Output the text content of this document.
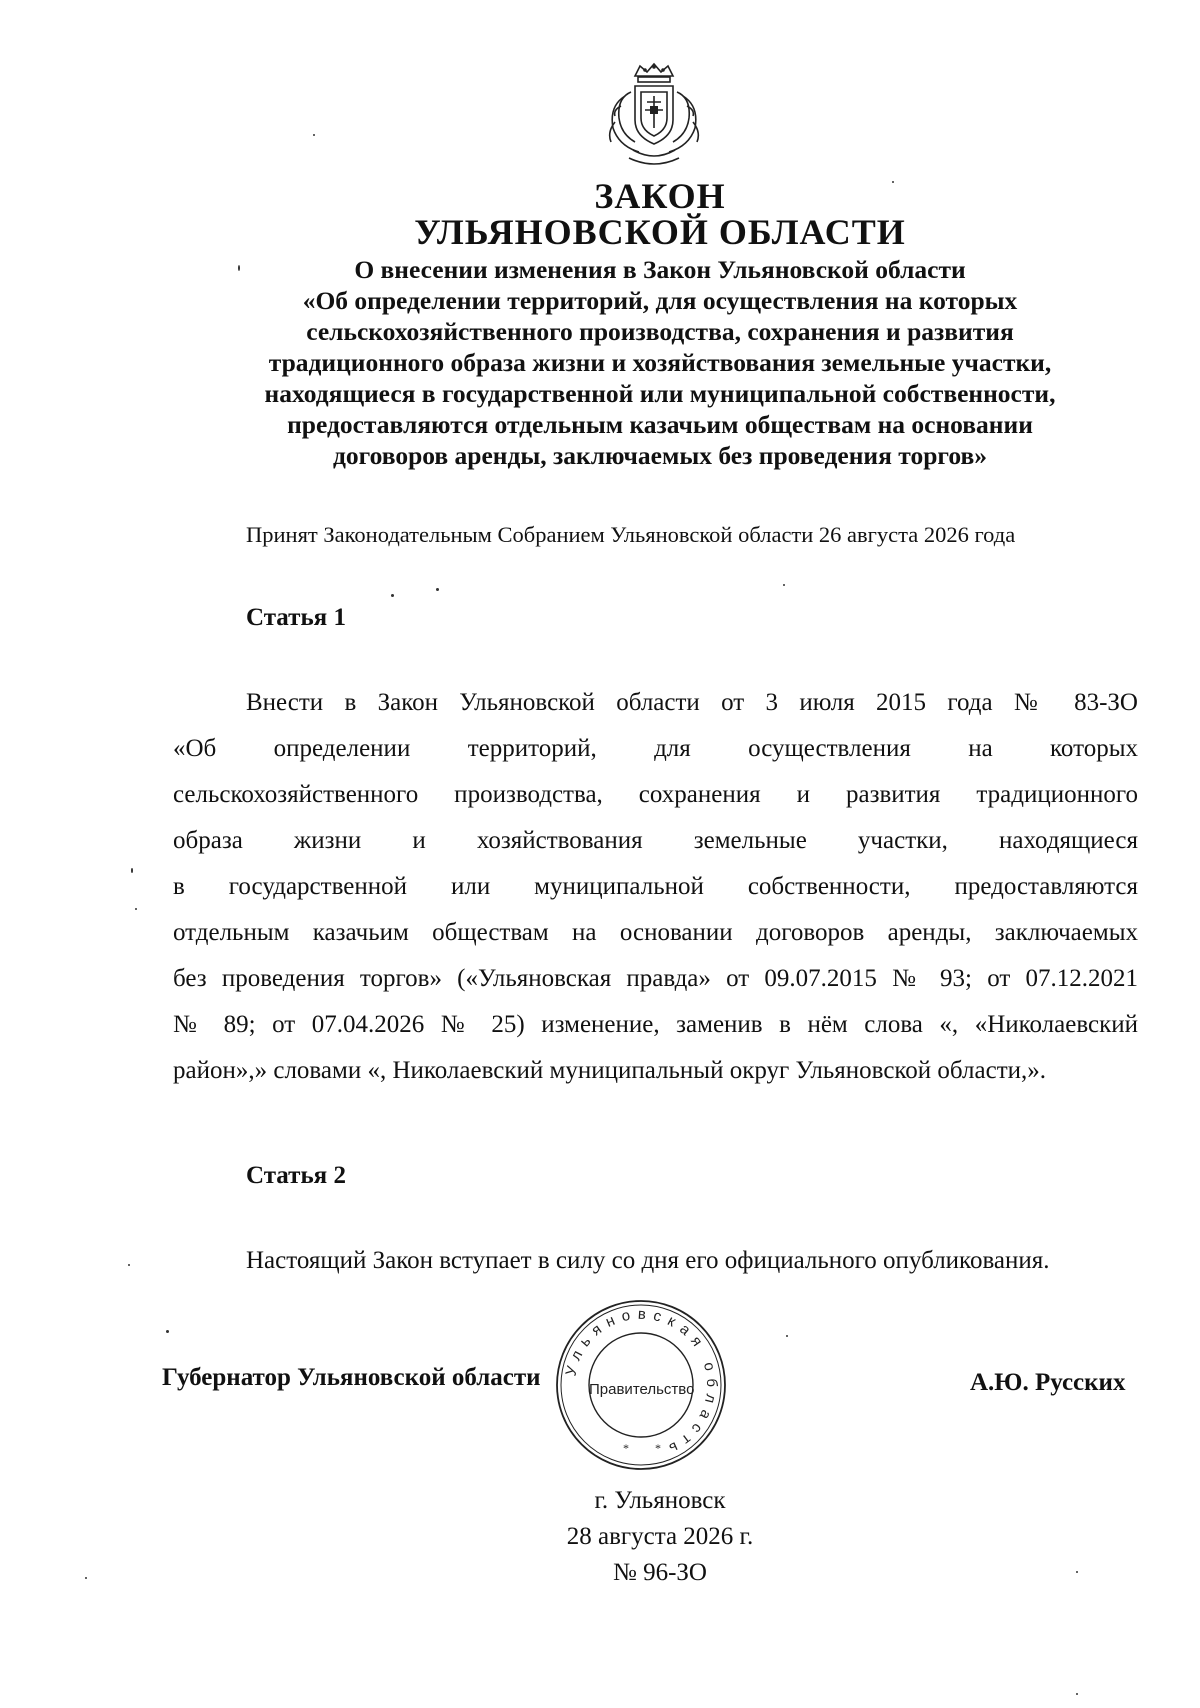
ЗАКОН
УЛЬЯНОВСКОЙ ОБЛАСТИ
О внесении изменения в Закон Ульяновской области
«Об определении территорий, для осуществления на которых
сельскохозяйственного производства, сохранения и развития
традиционного образа жизни и хозяйствования земельные участки,
находящиеся в государственной или муниципальной собственности,
предоставляются отдельным казачьим обществам на основании
договоров аренды, заключаемых без проведения торгов»
Принят Законодательным Собранием Ульяновской области 26 августа 2026 года
Статья 1
Внести в Закон Ульяновской области от 3 июля 2015 года № 83-ЗО
«Об определении территорий, для осуществления на которых
сельскохозяйственного производства, сохранения и развития традиционного
образа жизни и хозяйствования земельные участки, находящиеся
в государственной или муниципальной собственности, предоставляются
отдельным казачьим обществам на основании договоров аренды, заключаемых
без проведения торгов» («Ульяновская правда» от 09.07.2015 № 93; от 07.12.2021
№ 89; от 07.04.2026 № 25) изменение, заменив в нём слова «, «Николаевский
район»,» словами «, Николаевский муниципальный округ Ульяновской области,».
Статья 2
Настоящий Закон вступает в силу со дня его официального опубликования.
Губернатор Ульяновской области Ульяновская область
* *
Правительство	А.Ю. Русских
г. Ульяновск
28 августа 2026 г.
№ 96-ЗО
